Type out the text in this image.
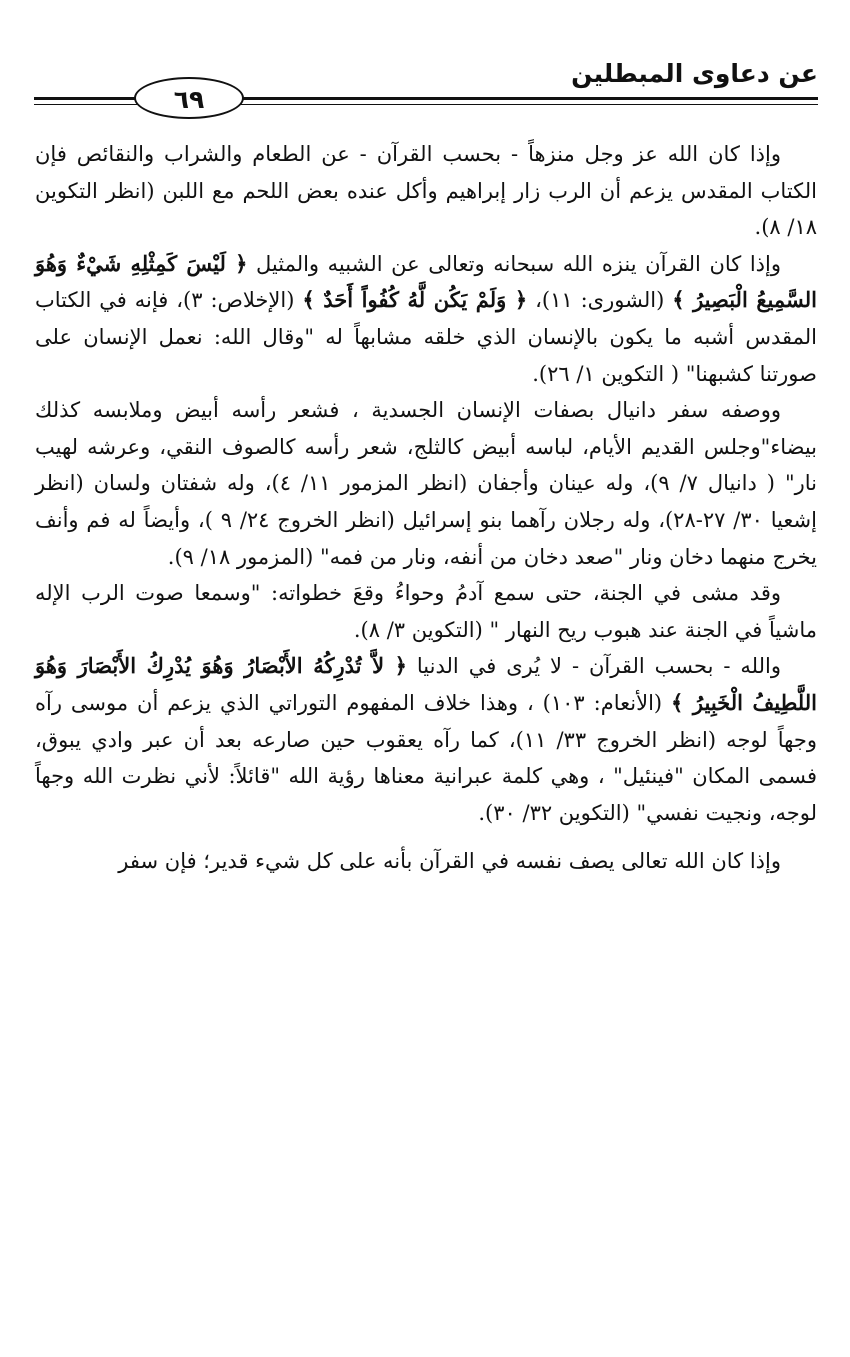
عن دعاوى المبطلين
٦٩

وإذا كان الله عز وجل منزهاً - بحسب القرآن - عن الطعام والشراب والنقائص فإن الكتاب المقدس يزعم أن الرب زار إبراهيم وأكل عنده بعض اللحم مع اللبن (انظر التكوين ١٨/ ٨).

وإذا كان القرآن ينزه الله سبحانه وتعالى عن الشبيه والمثيل ﴿ لَيْسَ كَمِثْلِهِ شَيْءٌ وَهُوَ السَّمِيعُ الْبَصِيرُ ﴾ (الشورى: ١١)، ﴿ وَلَمْ يَكُن لَّهُ كُفُواً أَحَدٌ ﴾ (الإخلاص: ٣)، فإنه في الكتاب المقدس أشبه ما يكون بالإنسان الذي خلقه مشابهاً له "وقال الله: نعمل الإنسان على صورتنا كشبهنا" ( التكوين ١/ ٢٦).

ووصفه سفر دانيال بصفات الإنسان الجسدية ، فشعر رأسه أبيض وملابسه كذلك بيضاء"وجلس القديم الأيام، لباسه أبيض كالثلج، شعر رأسه كالصوف النقي، وعرشه لهيب نار" ( دانيال ٧/ ٩)، وله عينان وأجفان (انظر المزمور ١١/ ٤)، وله شفتان ولسان (انظر إشعيا ٣٠/ ٢٧-٢٨)، وله رجلان رآهما بنو إسرائيل (انظر الخروج ٢٤/ ٩ )، وأيضاً له فم وأنف يخرج منهما دخان ونار "صعد دخان من أنفه، ونار من فمه" (المزمور ١٨/ ٩).

وقد مشى في الجنة، حتى سمع آدمُ وحواءُ وقعَ خطواته: "وسمعا صوت الرب الإله ماشياً في الجنة عند هبوب ريح النهار " (التكوين ٣/ ٨).

والله - بحسب القرآن - لا يُرى في الدنيا ﴿ لاَّ تُدْرِكُهُ الأَبْصَارُ وَهُوَ يُدْرِكُ الأَبْصَارَ وَهُوَ اللَّطِيفُ الْخَبِيرُ ﴾ (الأنعام: ١٠٣) ، وهذا خلاف المفهوم التوراتي الذي يزعم أن موسى رآه وجهاً لوجه (انظر الخروج ٣٣/ ١١)، كما رآه يعقوب حين صارعه بعد أن عبر وادي يبوق، فسمى المكان "فينئيل" ، وهي كلمة عبرانية معناها رؤية الله "قائلاً: لأني نظرت الله وجهاً لوجه، ونجيت نفسي" (التكوين ٣٢/ ٣٠).

وإذا كان الله تعالى يصف نفسه في القرآن بأنه على كل شيء قدير؛ فإن سفر
